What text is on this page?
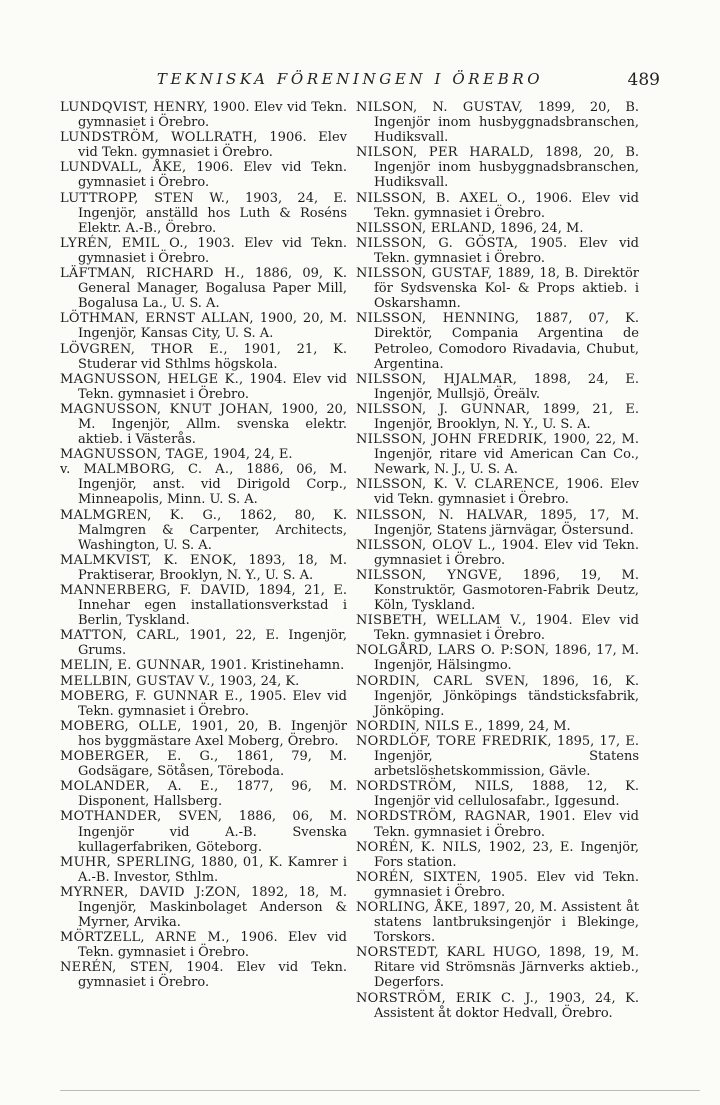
TEKNISKA FÖRENINGEN I ÖREBRO	489

LUNDQVIST, HENRY, 1900. Elev vid Tekn. gymnasiet i Örebro.

LUNDSTRÖM, WOLLRATH, 1906. Elev vid Tekn. gymnasiet i Örebro.

LUNDVALL, ÅKE, 1906. Elev vid Tekn. gymnasiet i Örebro.

LUTTROPP, STEN W., 1903, 24, E. Ingenjör, anställd hos Luth & Roséns Elektr. A.-B., Örebro.

LYRÉN, EMIL O., 1903. Elev vid Tekn. gymnasiet i Örebro.

LÄFTMAN, RICHARD H., 1886, 09, K. General Manager, Bogalusa Paper Mill, Bogalusa La., U. S. A.

LÖTHMAN, ERNST ALLAN, 1900, 20, M. Ingenjör, Kansas City, U. S. A.

LÖVGREN, THOR E., 1901, 21, K. Studerar vid Sthlms högskola.

MAGNUSSON, HELGE K., 1904. Elev vid Tekn. gymnasiet i Örebro.

MAGNUSSON, KNUT JOHAN, 1900, 20, M. Ingenjör, Allm. svenska elektr. aktieb. i Västerås.

MAGNUSSON, TAGE, 1904, 24, E.

v. MALMBORG, C. A., 1886, 06, M. Ingenjör, anst. vid Dirigold Corp., Minneapolis, Minn. U. S. A.

MALMGREN, K. G., 1862, 80, K. Malmgren & Carpenter, Architects, Washington, U. S. A.

MALMKVIST, K. ENOK, 1893, 18, M. Praktiserar, Brooklyn, N. Y., U. S. A.

MANNERBERG, F. DAVID, 1894, 21, E. Innehar egen installationsverkstad i Berlin, Tyskland.

MATTON, CARL, 1901, 22, E. Ingenjör, Grums.

MELIN, E. GUNNAR, 1901. Kristinehamn.

MELLBIN, GUSTAV V., 1903, 24, K.

MOBERG, F. GUNNAR E., 1905. Elev vid Tekn. gymnasiet i Örebro.

MOBERG, OLLE, 1901, 20, B. Ingenjör hos byggmästare Axel Moberg, Örebro.

MOBERGER, E. G., 1861, 79, M. Godsägare, Sötåsen, Töreboda.

MOLANDER, A. E., 1877, 96, M. Disponent, Hallsberg.

MOTHANDER, SVEN, 1886, 06, M. Ingenjör vid A.-B. Svenska kullagerfabriken, Göteborg.

MUHR, SPERLING, 1880, 01, K. Kamrer i A.-B. Investor, Sthlm.

MYRNER, DAVID J:ZON, 1892, 18, M. Ingenjör, Maskinbolaget Anderson & Myrner, Arvika.

MÖRTZELL, ARNE M., 1906. Elev vid Tekn. gymnasiet i Örebro.

NERÉN, STEN, 1904. Elev vid Tekn. gymnasiet i Örebro.

NILSON, N. GUSTAV, 1899, 20, B. Ingenjör inom husbyggnadsbranschen, Hudiksvall.

NILSON, PER HARALD, 1898, 20, B. Ingenjör inom husbyggnadsbranschen, Hudiksvall.

NILSSON, B. AXEL O., 1906. Elev vid Tekn. gymnasiet i Örebro.

NILSSON, ERLAND, 1896, 24, M.

NILSSON, G. GÖSTA, 1905. Elev vid Tekn. gymnasiet i Örebro.

NILSSON, GUSTAF, 1889, 18, B. Direktör för Sydsvenska Kol- & Props aktieb. i Oskarshamn.

NILSSON, HENNING, 1887, 07, K. Direktör, Compania Argentina de Petroleo, Comodoro Rivadavia, Chubut, Argentina.

NILSSON, HJALMAR, 1898, 24, E. Ingenjör, Mullsjö, Öreälv.

NILSSON, J. GUNNAR, 1899, 21, E. Ingenjör, Brooklyn, N. Y., U. S. A.

NILSSON, JOHN FREDRIK, 1900, 22, M. Ingenjör, ritare vid American Can Co., Newark, N. J., U. S. A.

NILSSON, K. V. CLARENCE, 1906. Elev vid Tekn. gymnasiet i Örebro.

NILSSON, N. HALVAR, 1895, 17, M. Ingenjör, Statens järnvägar, Östersund.

NILSSON, OLOV L., 1904. Elev vid Tekn. gymnasiet i Örebro.

NILSSON, YNGVE, 1896, 19, M. Konstruktör, Gasmotoren-Fabrik Deutz, Köln, Tyskland.

NISBETH, WELLAM V., 1904. Elev vid Tekn. gymnasiet i Örebro.

NOLGÅRD, LARS O. P:SON, 1896, 17, M. Ingenjör, Hälsingmo.

NORDIN, CARL SVEN, 1896, 16, K. Ingenjör, Jönköpings tändsticksfabrik, Jönköping.

NORDIN, NILS E., 1899, 24, M.

NORDLÖF, TORE FREDRIK, 1895, 17, E. Ingenjör, Statens arbetslöshetskommission, Gävle.

NORDSTRÖM, NILS, 1888, 12, K. Ingenjör vid cellulosafabr., Iggesund.

NORDSTRÖM, RAGNAR, 1901. Elev vid Tekn. gymnasiet i Örebro.

NORÉN, K. NILS, 1902, 23, E. Ingenjör, Fors station.

NORÉN, SIXTEN, 1905. Elev vid Tekn. gymnasiet i Örebro.

NORLING, ÅKE, 1897, 20, M. Assistent åt statens lantbruksingenjör i Blekinge, Torskors.

NORSTEDT, KARL HUGO, 1898, 19, M. Ritare vid Strömsnäs Järnverks aktieb., Degerfors.

NORSTRÖM, ERIK C. J., 1903, 24, K. Assistent åt doktor Hedvall, Örebro.
